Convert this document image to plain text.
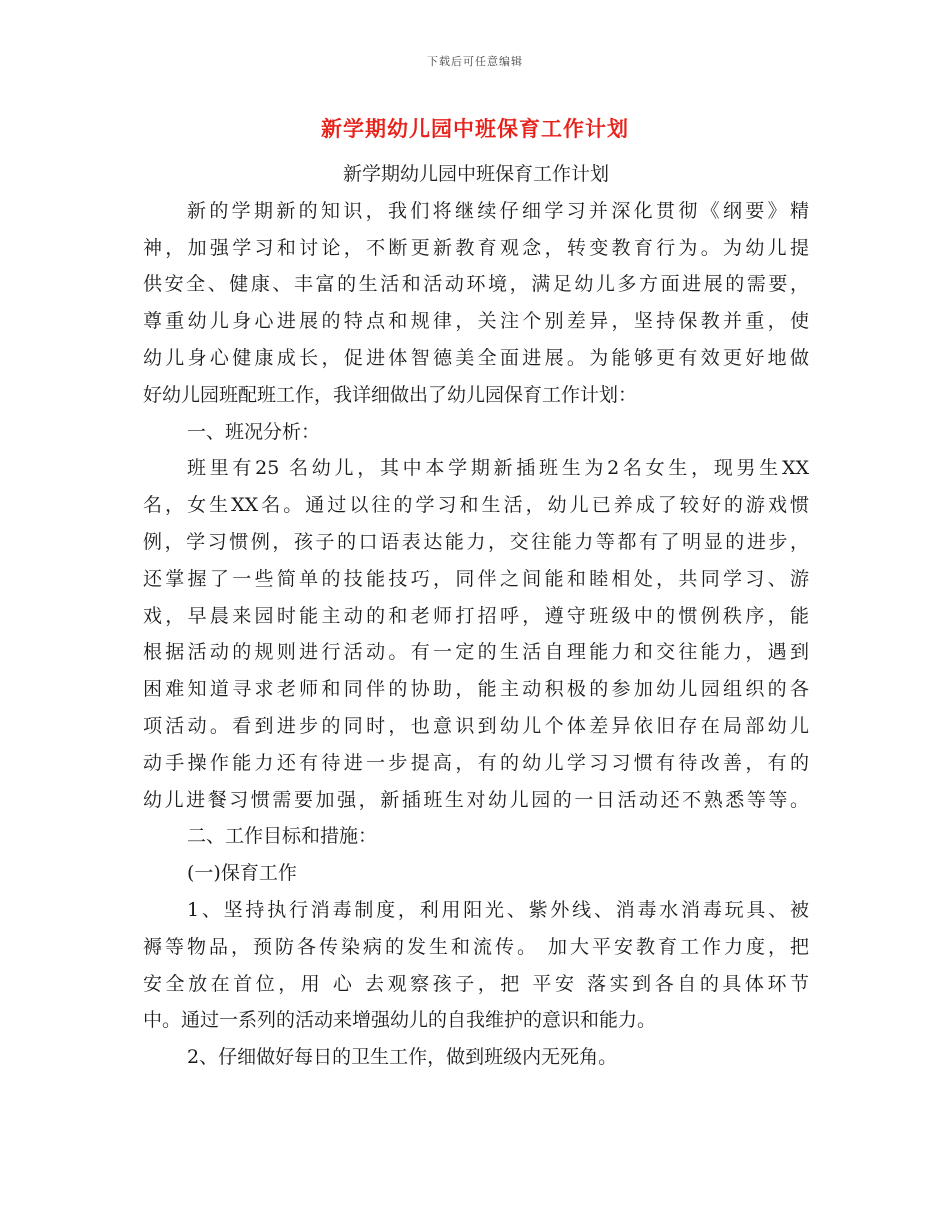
下载后可任意编辑
新学期幼儿园中班保育工作计划
新学期幼儿园中班保育工作计划
新的学期新的知识，我们将继续仔细学习并深化贯彻《纲要》精
神，加强学习和讨论，不断更新教育观念，转变教育行为。为幼儿提
供安全、健康、丰富的生活和活动环境，满足幼儿多方面进展的需要，
尊重幼儿身心进展的特点和规律，关注个别差异，坚持保教并重，使
幼儿身心健康成长，促进体智德美全面进展。为能够更有效更好地做
好幼儿园班配班工作，我详细做出了幼儿园保育工作计划：
一、班况分析：
班里有25 名幼儿，其中本学期新插班生为2名女生，现男生XX
名，女生XX名。通过以往的学习和生活，幼儿已养成了较好的游戏惯
例，学习惯例，孩子的口语表达能力，交往能力等都有了明显的进步，
还掌握了一些简单的技能技巧，同伴之间能和睦相处，共同学习、游
戏，早晨来园时能主动的和老师打招呼，遵守班级中的惯例秩序，能
根据活动的规则进行活动。有一定的生活自理能力和交往能力，遇到
困难知道寻求老师和同伴的协助，能主动积极的参加幼儿园组织的各
项活动。看到进步的同时，也意识到幼儿个体差异依旧存在局部幼儿
动手操作能力还有待进一步提高，有的幼儿学习习惯有待改善，有的
幼儿进餐习惯需要加强，新插班生对幼儿园的一日活动还不熟悉等等。
二、工作目标和措施：
(一)保育工作
1、坚持执行消毒制度，利用阳光、紫外线、消毒水消毒玩具、被
褥等物品，预防各传染病的发生和流传。 加大平安教育工作力度，把
安全放在首位，用 心 去观察孩子，把 平安 落实到各自的具体环节
中。通过一系列的活动来增强幼儿的自我维护的意识和能力。
2、仔细做好每日的卫生工作，做到班级内无死角。
